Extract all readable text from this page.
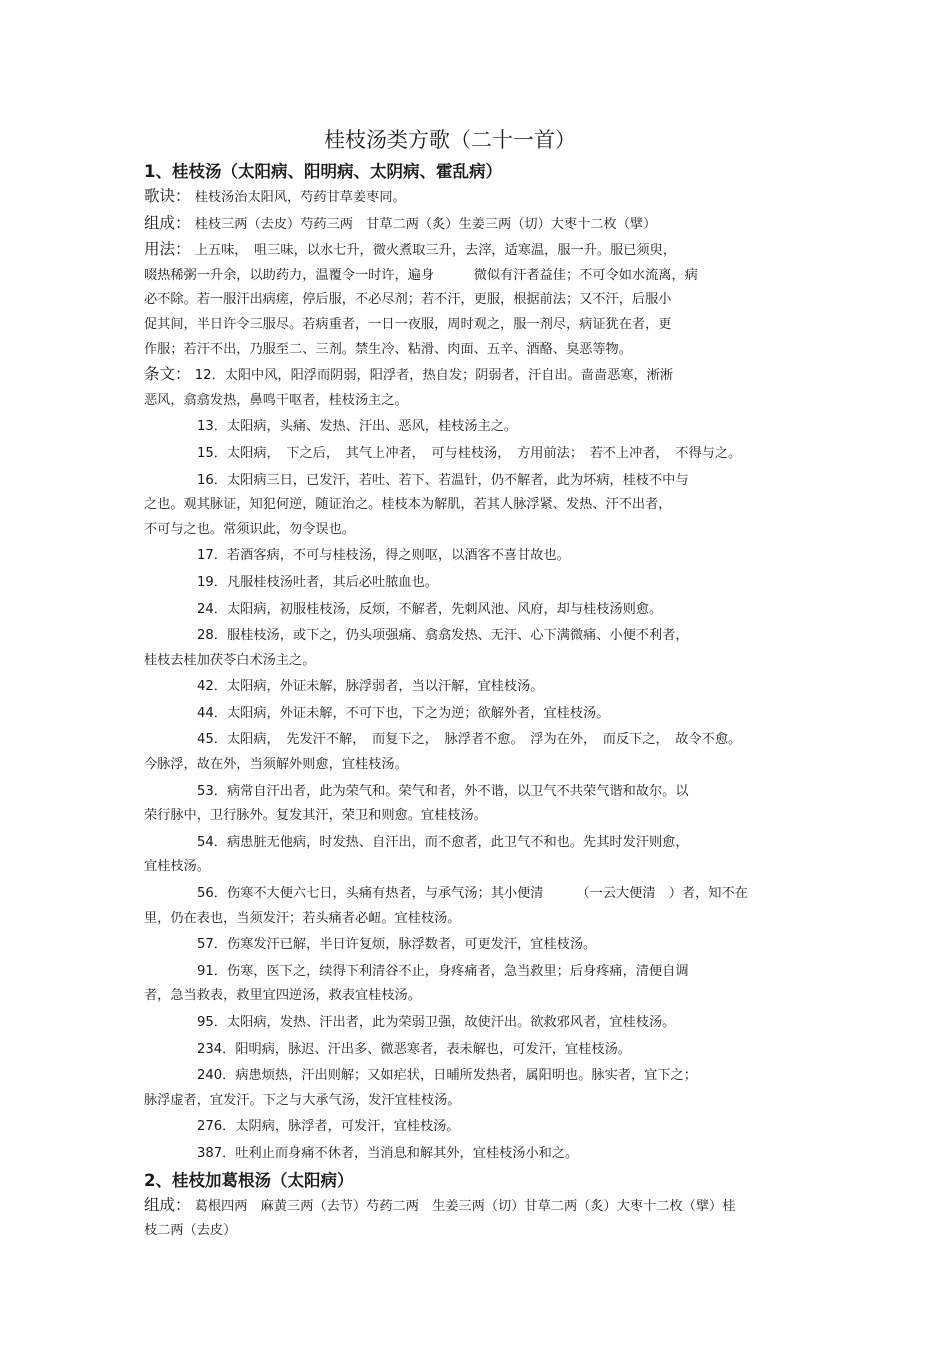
桂枝汤类方歌（二十一首）
1、桂枝汤（太阳病、阳明病、太阴病、霍乱病）
歌诀： 桂枝汤治太阳风，芍药甘草姜枣同。
组成： 桂枝三两（去皮）芍药三两　甘草二两（炙）生姜三两（切）大枣十二枚（擘）
用法： 上五味，　咀三味，以水七升，微火煮取三升，去滓，适寒温，服一升。服已须臾，
啜热稀粥一升余，以助药力，温覆令一时许，遍身　　　微似有汗者益佳；不可令如水流离，病
必不除。若一服汗出病瘥，停后服，不必尽剂；若不汗，更服，根据前法；又不汗，后服小
促其间，半日许令三服尽。若病重者，一日一夜服，周时观之，服一剂尽，病证犹在者，更
作服；若汗不出，乃服至二、三剂。禁生冷、粘滑、肉面、五辛、酒酪、臭恶等物。
条文： 12．太阳中风，阳浮而阴弱，阳浮者，热自发；阴弱者，汗自出。啬啬恶寒，淅淅
恶风，翕翕发热，鼻鸣干呕者，桂枝汤主之。
13．太阳病，头痛、发热、汗出、恶风，桂枝汤主之。
15．太阳病，　下之后，　其气上冲者，　可与桂枝汤，　方用前法；　若不上冲者，　不得与之。
16．太阳病三日，已发汗，若吐、若下、若温针，仍不解者，此为坏病，桂枝不中与
之也。观其脉证，知犯何逆，随证治之。桂枝本为解肌，若其人脉浮紧、发热、汗不出者，
不可与之也。常须识此，勿令误也。
17．若酒客病，不可与桂枝汤，得之则呕，以酒客不喜甘故也。
19．凡服桂枝汤吐者，其后必吐脓血也。
24．太阳病，初服桂枝汤，反烦，不解者，先刺风池、风府，却与桂枝汤则愈。
28．服桂枝汤，或下之，仍头项强痛、翕翕发热、无汗、心下满微痛、小便不利者，
桂枝去桂加茯苓白术汤主之。
42．太阳病，外证未解，脉浮弱者，当以汗解，宜桂枝汤。
44．太阳病，外证未解，不可下也，下之为逆；欲解外者，宜桂枝汤。
45．太阳病，　先发汗不解，　而复下之，　脉浮者不愈。　浮为在外，　而反下之，　故令不愈。
今脉浮，故在外，当须解外则愈，宜桂枝汤。
53．病常自汗出者，此为荣气和。荣气和者，外不谐，以卫气不共荣气谐和故尔。以
荣行脉中，卫行脉外。复发其汗，荣卫和则愈。宜桂枝汤。
54．病患脏无他病，时发热、自汗出，而不愈者，此卫气不和也。先其时发汗则愈，
宜桂枝汤。
56．伤寒不大便六七日，头痛有热者，与承气汤；其小便清　　　（一云大便清　）者，知不在
里，仍在表也，当须发汗；若头痛者必衄。宜桂枝汤。
57．伤寒发汗已解，半日许复烦，脉浮数者，可更发汗，宜桂枝汤。
91．伤寒，医下之，续得下利清谷不止，身疼痛者，急当救里；后身疼痛，清便自调
者，急当救表，救里宜四逆汤，救表宜桂枝汤。
95．太阳病，发热、汗出者，此为荣弱卫强，故使汗出。欲救邪风者，宜桂枝汤。
234．阳明病，脉迟、汗出多、微恶寒者，表未解也，可发汗，宜桂枝汤。
240．病患烦热，汗出则解；又如疟状，日晡所发热者，属阳明也。脉实者，宜下之；
脉浮虚者，宜发汗。下之与大承气汤，发汗宜桂枝汤。
276．太阴病，脉浮者，可发汗，宜桂枝汤。
387．吐利止而身痛不休者，当消息和解其外，宜桂枝汤小和之。
2、桂枝加葛根汤（太阳病）
组成： 葛根四两　麻黄三两（去节）芍药二两　生姜三两（切）甘草二两（炙）大枣十二枚（擘）桂
枝二两（去皮）
